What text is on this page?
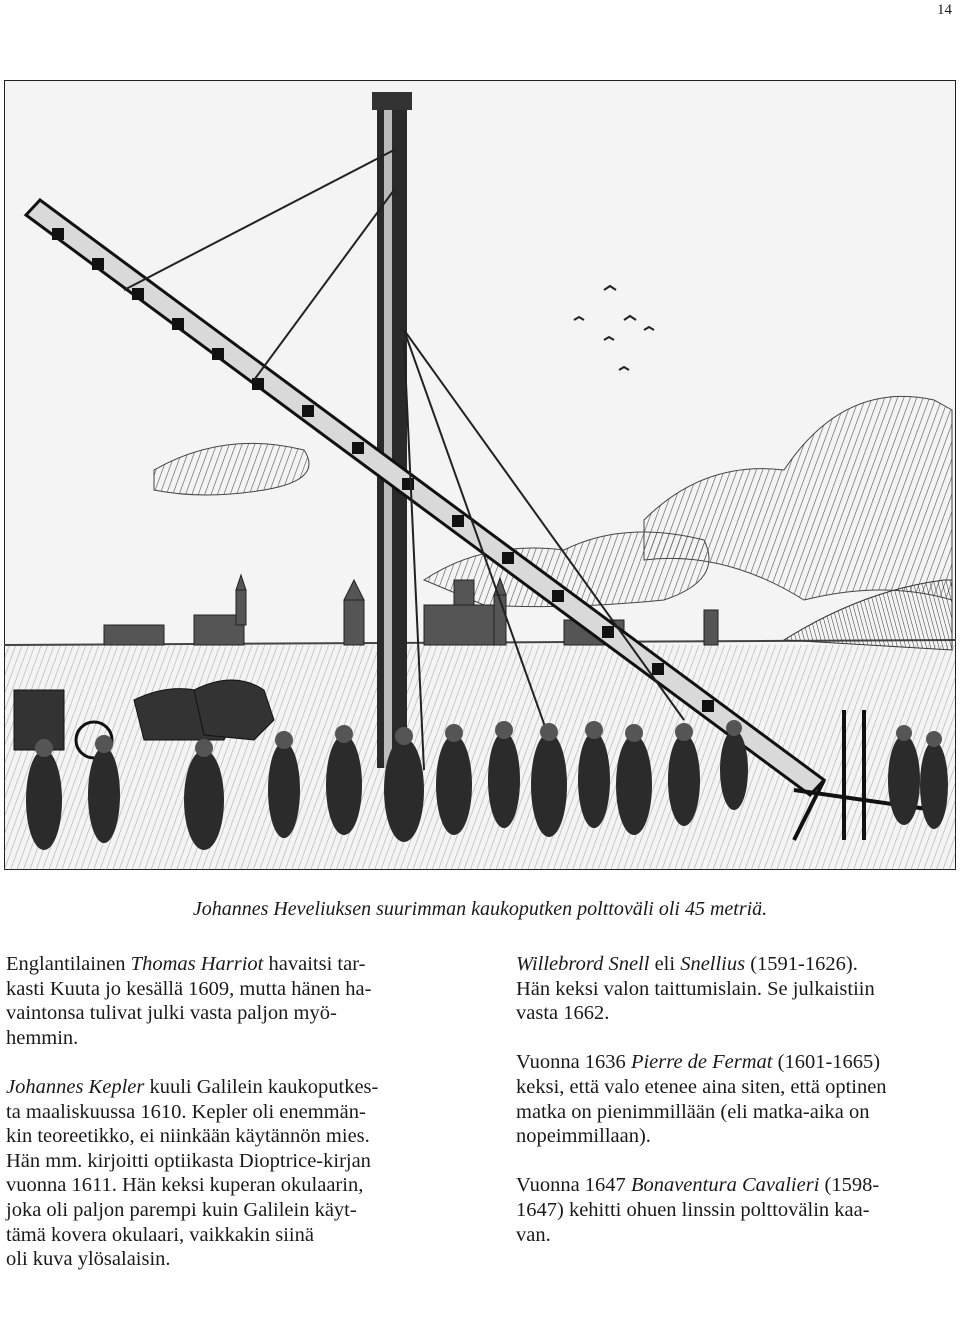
14
Johannes Heveliuksen suurimman kaukoputken polttoväli oli 45 metriä.

Englantilainen Thomas Harriot havaitsi tar-
kasti Kuuta jo kesällä 1609, mutta hänen ha-
vaintonsa tulivat julki vasta paljon myö-
hemmin.

Johannes Kepler kuuli Galilein kaukoputkes-
ta maaliskuussa 1610. Kepler oli enemmän-
kin teoreetikko, ei niinkään käytännön mies.
Hän mm. kirjoitti optiikasta Dioptrice-kirjan
vuonna 1611. Hän keksi kuperan okulaarin,
joka oli paljon parempi kuin Galilein käyt-
tämä kovera okulaari, vaikkakin siinä
oli kuva ylösalaisin.

Willebrord Snell eli Snellius (1591-1626).
Hän keksi valon taittumislain. Se julkaistiin
vasta 1662.

Vuonna 1636 Pierre de Fermat (1601-1665)
keksi, että valo etenee aina siten, että optinen
matka on pienimmillään (eli matka-aika on
nopeimmillaan).

Vuonna 1647 Bonaventura Cavalieri (1598-
1647) kehitti ohuen linssin polttovälin kaa-
van.
